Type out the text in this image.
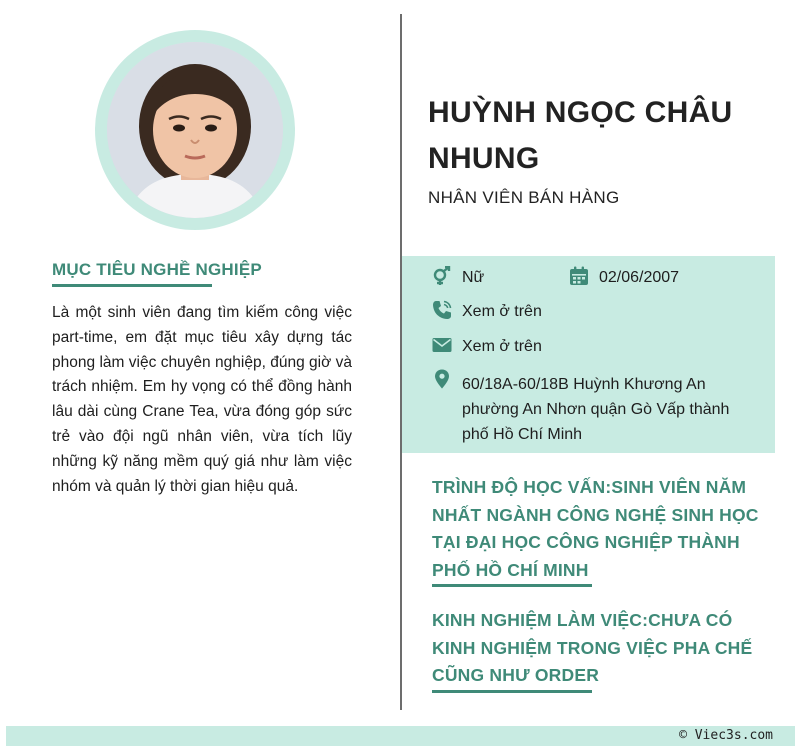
MỤC TIÊU NGHỀ NGHIỆP
Là một sinh viên đang tìm kiếm công việc part-time, em đặt mục tiêu xây dựng tác phong làm việc chuyên nghiệp, đúng giờ và trách nhiệm. Em hy vọng có thể đồng hành lâu dài cùng Crane Tea, vừa đóng góp sức trẻ vào đội ngũ nhân viên, vừa tích lũy những kỹ năng mềm quý giá như làm việc nhóm và quản lý thời gian hiệu quả.
HUỲNH NGỌC CHÂU
NHUNG
NHÂN VIÊN BÁN HÀNG
Nữ	02/06/2007
Xem ở trên
Xem ở trên
60/18A-60/18B Huỳnh Khương An
phường An Nhơn quận Gò Vấp thành
phố Hồ Chí Minh
TRÌNH ĐỘ HỌC VẤN:SINH VIÊN NĂM
NHẤT NGÀNH CÔNG NGHỆ SINH HỌC
TẠI ĐẠI HỌC CÔNG NGHIỆP THÀNH
PHỐ HỒ CHÍ MINH
KINH NGHIỆM LÀM VIỆC:CHƯA CÓ
KINH NGHIỆM TRONG VIỆC PHA CHẾ
CŨNG NHƯ ORDER
© Viec3s.com
